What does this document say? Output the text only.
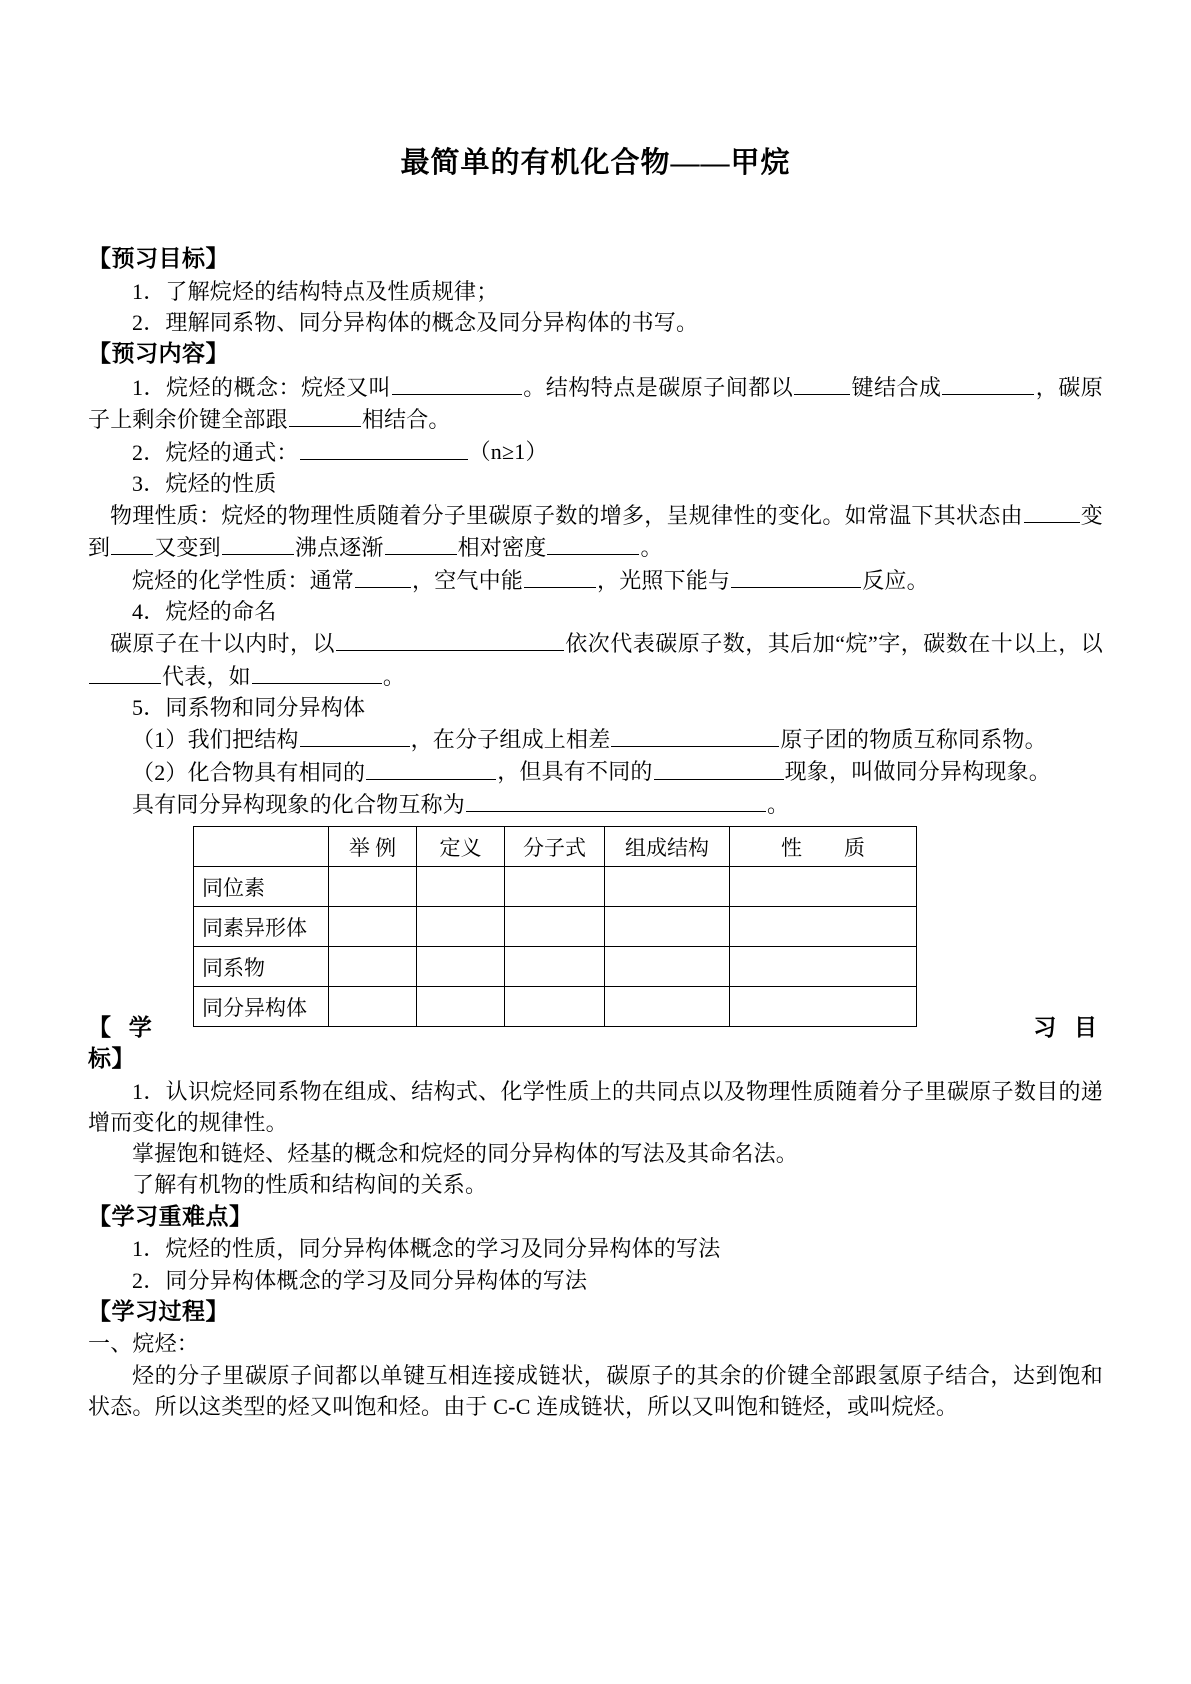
最简单的有机化合物——甲烷
【预习目标】
1．了解烷烃的结构特点及性质规律；
2．理解同系物、同分异构体的概念及同分异构体的书写。
【预习内容】
1．烷烃的概念：烷烃又叫	。结构特点是碳原子间都以	键结合成	，碳原子上剩余价键全部跟	相结合。
2．烷烃的通式：	（n≥1）
3．烷烃的性质
物理性质：烷烃的物理性质随着分子里碳原子数的增多，呈规律性的变化。如常温下其状态由	变到 又变到	沸点逐渐	相对密度	。
烷烃的化学性质：通常	，空气中能	，光照下能与	反应。
4．烷烃的命名
碳原子在十以内时，以	依次代表碳原子数，其后加“烷”字，碳数在十以上，以代表，如	。
5．同系物和同分异构体
（1）我们把结构	，在分子组成上相差	原子团的物质互称同系物。
（2）化合物具有相同的	，但具有不同的	现象，叫做同分异构现象。
具有同分异构现象的化合物互称为	。
	举 例	定义	分子式	组成结构	性　　质
同位素					
同素异形体					
同系物					
同分异构体					
【 学	习 目
标】
1．认识烷烃同系物在组成、结构式、化学性质上的共同点以及物理性质随着分子里碳原子数目的递增而变化的规律性。
掌握饱和链烃、烃基的概念和烷烃的同分异构体的写法及其命名法。
了解有机物的性质和结构间的关系。
【学习重难点】
1．烷烃的性质，同分异构体概念的学习及同分异构体的写法
2．同分异构体概念的学习及同分异构体的写法
【学习过程】
一、烷烃：
烃的分子里碳原子间都以单键互相连接成链状，碳原子的其余的价键全部跟氢原子结合，达到饱和状态。所以这类型的烃又叫饱和烃。由于 C-C 连成链状，所以又叫饱和链烃，或叫烷烃。
